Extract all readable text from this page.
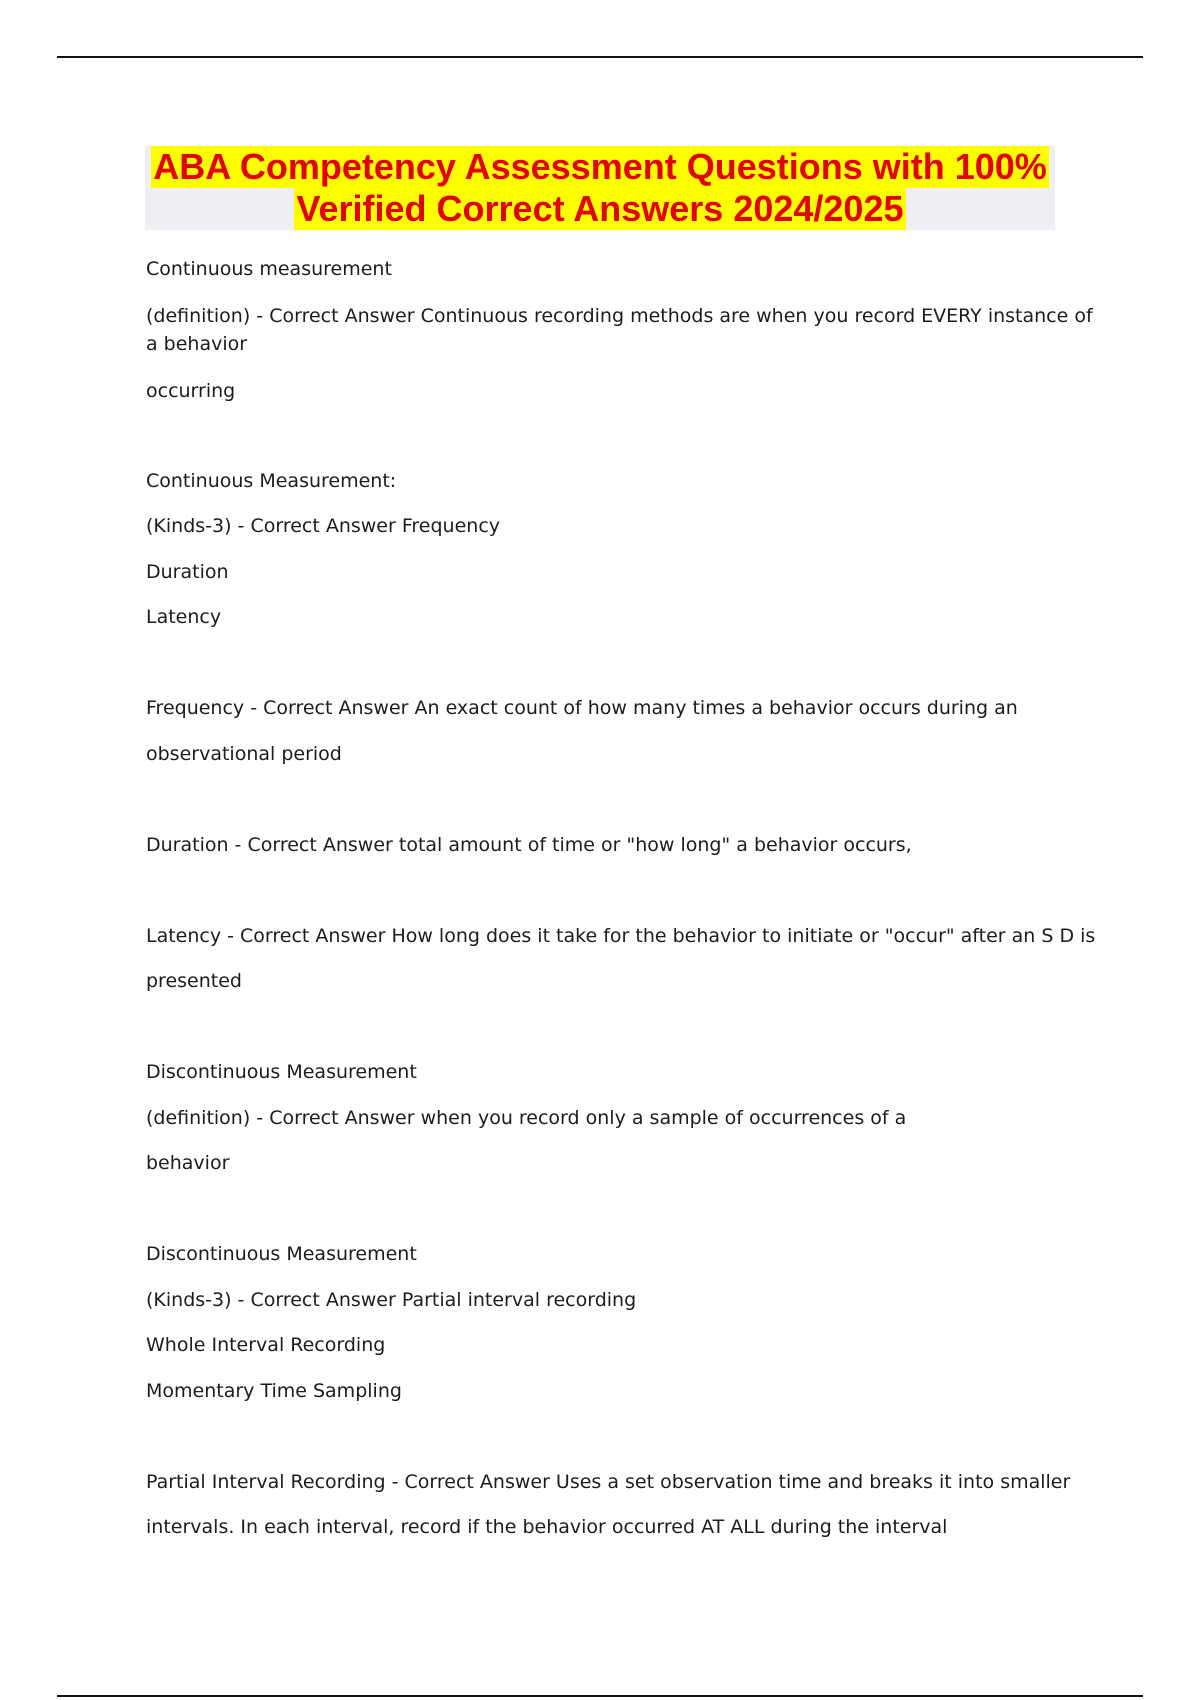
ABA Competency Assessment Questions with 100%
Verified Correct Answers 2024/2025
Continuous measurement
(definition) - Correct Answer Continuous recording methods are when you record EVERY instance of
a behavior
occurring
Continuous Measurement:
(Kinds-3) - Correct Answer Frequency
Duration
Latency
Frequency - Correct Answer An exact count of how many times a behavior occurs during an
observational period
Duration - Correct Answer total amount of time or "how long" a behavior occurs,
Latency - Correct Answer How long does it take for the behavior to initiate or "occur" after an S D is
presented
Discontinuous Measurement
(definition) - Correct Answer when you record only a sample of occurrences of a
behavior
Discontinuous Measurement
(Kinds-3) - Correct Answer Partial interval recording
Whole Interval Recording
Momentary Time Sampling
Partial Interval Recording - Correct Answer Uses a set observation time and breaks it into smaller
intervals. In each interval, record if the behavior occurred AT ALL during the interval
